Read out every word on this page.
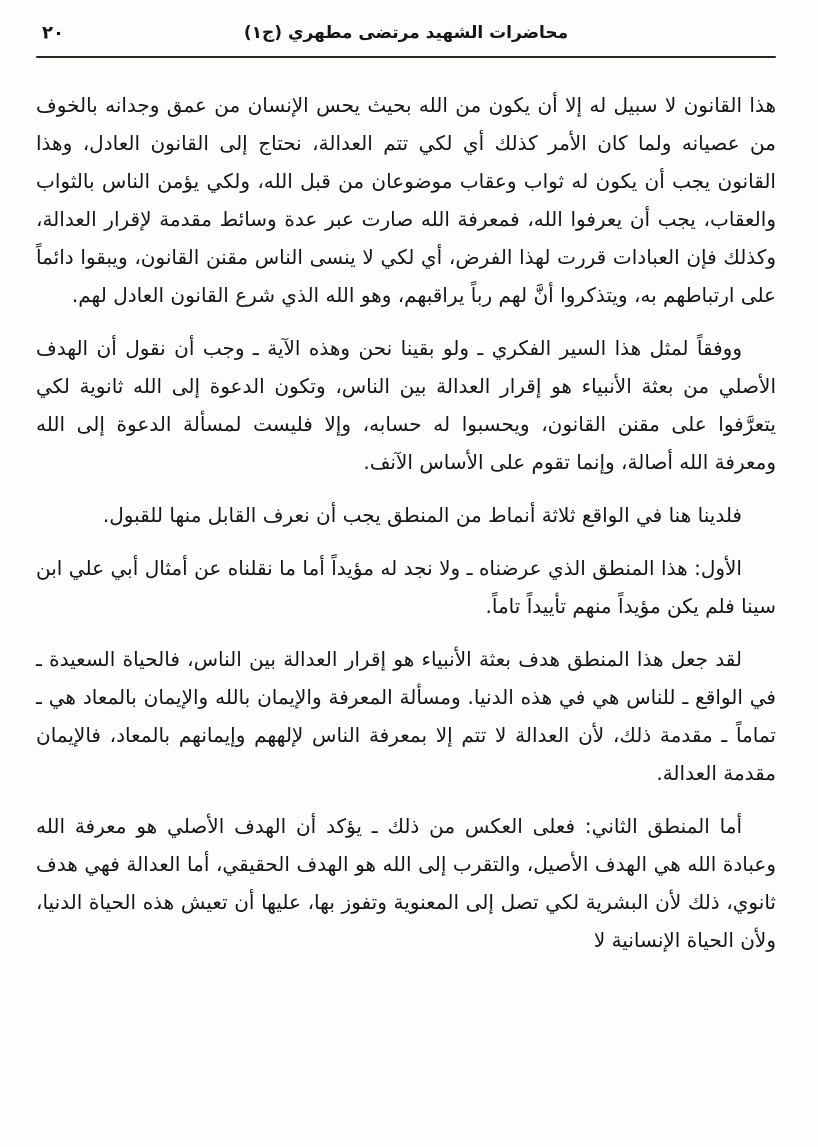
محاضرات الشهيد مرتضى مطهري (ج١)
٢٠

هذا القانون لا سبيل له إلا أن يكون من الله بحيث يحس الإنسان من عمق وجدانه بالخوف من عصيانه ولما كان الأمر كذلك أي لكي تتم العدالة، نحتاج إلى القانون العادل، وهذا القانون يجب أن يكون له ثواب وعقاب موضوعان من قبل الله، ولكي يؤمن الناس بالثواب والعقاب، يجب أن يعرفوا الله، فمعرفة الله صارت عبر عدة وسائط مقدمة لإقرار العدالة، وكذلك فإن العبادات قررت لهذا الفرض، أي لكي لا ينسى الناس مقنن القانون، ويبقوا دائماً على ارتباطهم به، ويتذكروا أنَّ لهم رباً يراقبهم، وهو الله الذي شرع القانون العادل لهم.

ووفقاً لمثل هذا السير الفكري ـ ولو بقينا نحن وهذه الآية ـ وجب أن نقول أن الهدف الأصلي من بعثة الأنبياء هو إقرار العدالة بين الناس، وتكون الدعوة إلى الله ثانوية لكي يتعرَّفوا على مقنن القانون، ويحسبوا له حسابه، وإلا فليست لمسألة الدعوة إلى الله ومعرفة الله أصالة، وإنما تقوم على الأساس الآنف.

فلدينا هنا في الواقع ثلاثة أنماط من المنطق يجب أن نعرف القابل منها للقبول.

الأول: هذا المنطق الذي عرضناه ـ ولا نجد له مؤيداً أما ما نقلناه عن أمثال أبي علي ابن سينا فلم يكن مؤيداً منهم تأييداً تاماً.

لقد جعل هذا المنطق هدف بعثة الأنبياء هو إقرار العدالة بين الناس، فالحياة السعيدة ـ في الواقع ـ للناس هي في هذه الدنيا. ومسألة المعرفة والإيمان بالله والإيمان بالمعاد هي ـ تماماً ـ مقدمة ذلك، لأن العدالة لا تتم إلا بمعرفة الناس لإلههم وإيمانهم بالمعاد، فالإيمان مقدمة العدالة.

أما المنطق الثاني: فعلى العكس من ذلك ـ يؤكد أن الهدف الأصلي هو معرفة الله وعبادة الله هي الهدف الأصيل، والتقرب إلى الله هو الهدف الحقيقي، أما العدالة فهي هدف ثانوي، ذلك لأن البشرية لكي تصل إلى المعنوية وتفوز بها، عليها أن تعيش هذه الحياة الدنيا، ولأن الحياة الإنسانية لا
